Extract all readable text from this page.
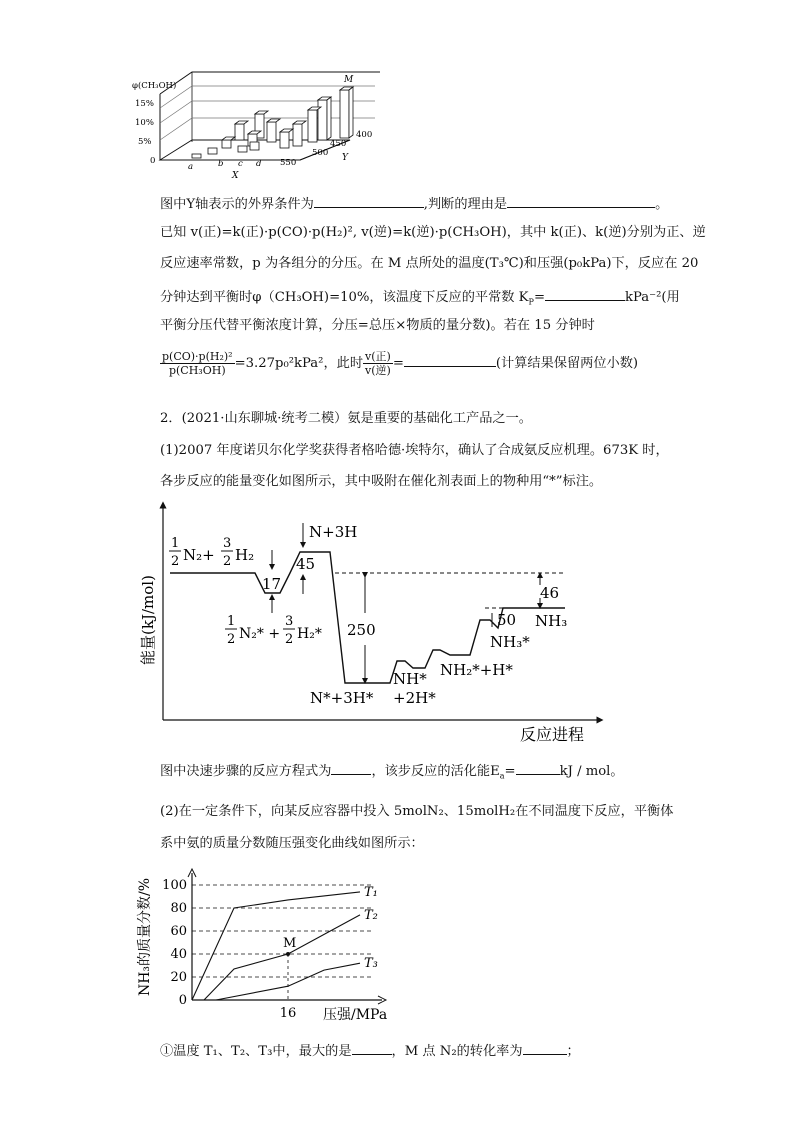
φ(CH₃OH)
15%
10%
5%
0
a	b c d
X
550
500
450
400
Y
M
图中Y轴表示的外界条件为	,判断的理由是	。
已知 v(正)=k(正)·p(CO)·p(H₂)², v(逆)=k(逆)·p(CH₃OH)，其中 k(正)、k(逆)分别为正、逆
反应速率常数，p 为各组分的分压。在 M 点所处的温度(T₃℃)和压强(p₀kPa)下，反应在 20
分钟达到平衡时φ（CH₃OH)=10%，该温度下反应的平常数 $K_P=$	kPa⁻²(用
平衡分压代替平衡浓度计算，分压=总压×物质的量分数)。若在 15 分钟时
$\frac{\text{p(CO)·p(H₂)²}}{\text{p(CH₃OH)}} =3.27p_0^2kPa^2$，此时 $\frac{\text{v(正)}}{\text{v(逆)}}$ =	(计算结果保留两位小数)
2．(2021·山东聊城·统考二模）氨是重要的基础化工产品之一。
(1)2007 年度诺贝尔化学奖获得者格哈德·埃特尔，确认了合成氨反应机理。673K 时，
各步反应的能量变化如图所示，其中吸附在催化剂表面上的物种用“*”标注。
能量(kJ/mol)
反应进程
1
2 N₂+
3
2 H₂
1
2 N₂* +
3
2 H₂*
17
45
N+3H
250
46
50 NH₃
N*+3H*
NH*
+2H*
NH₂*+H*
NH₃*
图中决速步骤的反应方程式为	，该步反应的活化能$E_a=$	kJ / mol。
(2)在一定条件下，向某反应容器中投入 5molN₂、15molH₂在不同温度下反应，平衡体
系中氨的质量分数随压强变化曲线如图所示：
NH₃的质量分数/%
压强/MPa
0
20
40
60
80
100
16
M
T₁
T₂
T₃
①温度 T₁、T₂、T₃中，最大的是	，M 点 N₂的转化率为	；
